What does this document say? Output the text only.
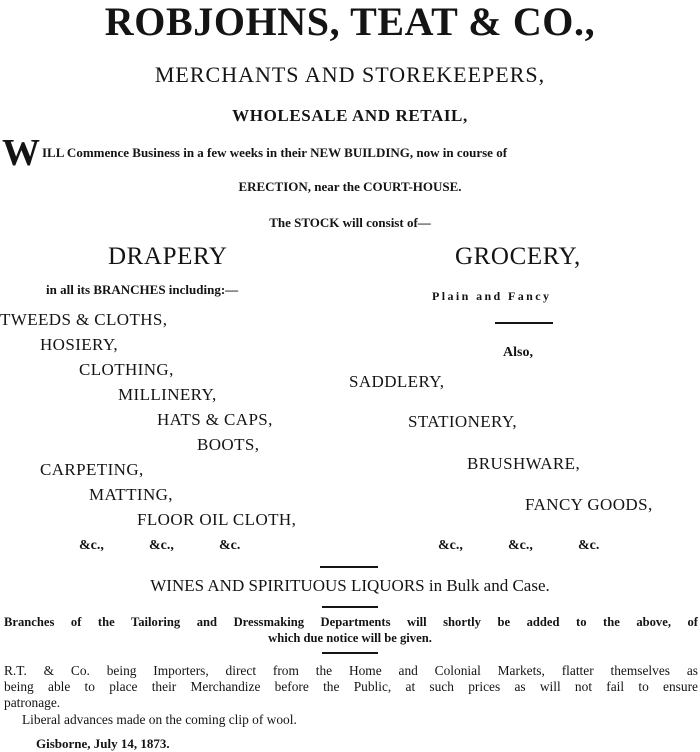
ROBJOHNS, TEAT & CO.,
MERCHANTS AND STOREKEEPERS,
WHOLESALE AND RETAIL,
W ILL Commence Business in a few weeks in their NEW BUILDING, now in course of
ERECTION, near the COURT-HOUSE.
The STOCK will consist of—
DRAPERY
in all its BRANCHES including:—
TWEEDS & CLOTHS,
HOSIERY,
CLOTHING,
MILLINERY,
HATS & CAPS,
BOOTS,
CARPETING,
MATTING,
FLOOR OIL CLOTH,
&c.,	&c.,	&c.
GROCERY,
Plain and Fancy
Also,
SADDLERY,
STATIONERY,
BRUSHWARE,
FANCY GOODS,
&c.,	&c.,	&c.
WINES AND SPIRITUOUS LIQUORS in Bulk and Case.
Branches of the Tailoring and Dressmaking Departments will shortly be added to the above, of
which due notice will be given.
R.T. & Co. being Importers, direct from the Home and Colonial Markets, flatter themselves as
being able to place their Merchandize before the Public, at such prices as will not fail to ensure
patronage.
Liberal advances made on the coming clip of wool.
Gisborne, July 14, 1873.
